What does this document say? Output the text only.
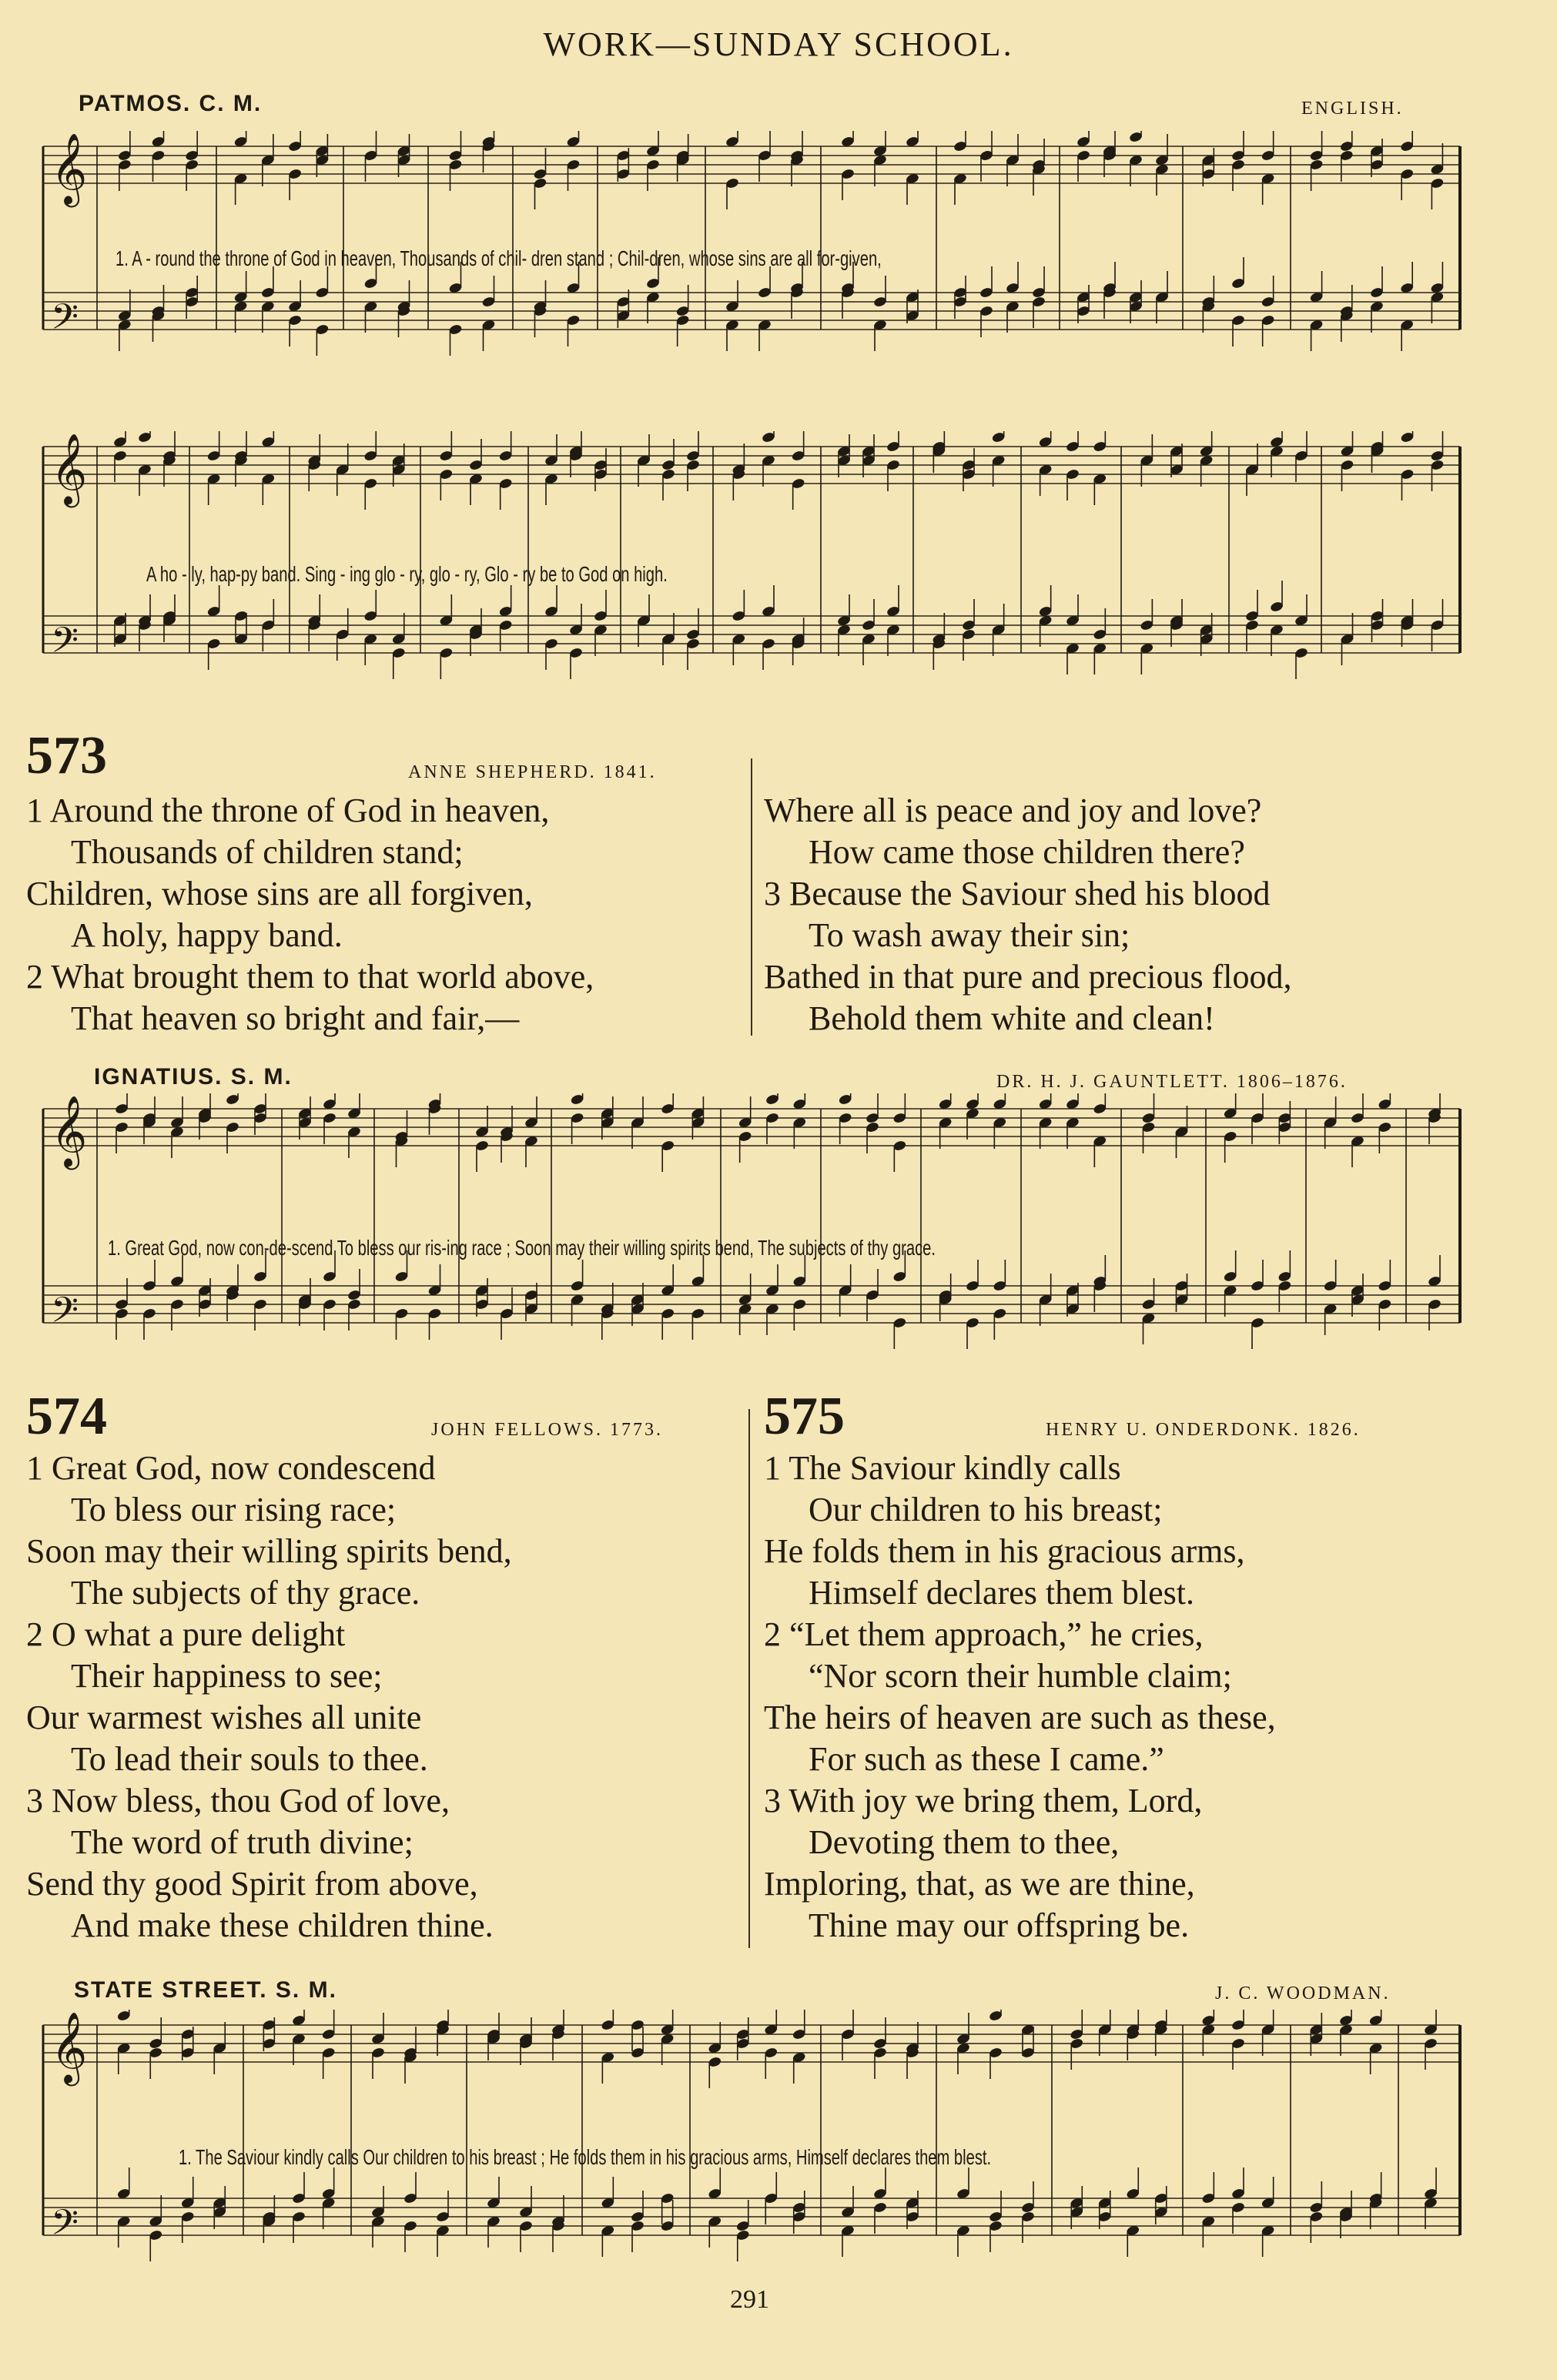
WORK—SUNDAY SCHOOL.
PATMOS. C. M.	ENGLISH.
𝄞
𝄢
1. A - round the throne of God in heaven, Thousands of chil- dren stand ; Chil-dren, whose sins are all for-given,
𝄞
𝄢
A ho - ly, hap-py band. Sing - ing glo - ry, glo - ry, Glo - ry be to God on high.
573	ANNE SHEPHERD. 1841.
1 Around the throne of God in heaven,
Thousands of children stand;
Children, whose sins are all forgiven,
A holy, happy band.
2 What brought them to that world above,
That heaven so bright and fair,—
Where all is peace and joy and love?
How came those children there?
3 Because the Saviour shed his blood
To wash away their sin;
Bathed in that pure and precious flood,
Behold them white and clean!
IGNATIUS. S. M.	DR. H. J. GAUNTLETT. 1806–1876.
𝄞
𝄢
1. Great God, now con-de-scend To bless our ris-ing race ; Soon may their willing spirits bend, The subjects of thy grace.
574	JOHN FELLOWS. 1773.
1 Great God, now condescend
To bless our rising race;
Soon may their willing spirits bend,
The subjects of thy grace.
2 O what a pure delight
Their happiness to see;
Our warmest wishes all unite
To lead their souls to thee.
3 Now bless, thou God of love,
The word of truth divine;
Send thy good Spirit from above,
And make these children thine.
575	HENRY U. ONDERDONK. 1826.
1 The Saviour kindly calls
Our children to his breast;
He folds them in his gracious arms,
Himself declares them blest.
2 “Let them approach,” he cries,
“Nor scorn their humble claim;
The heirs of heaven are such as these,
For such as these I came.”
3 With joy we bring them, Lord,
Devoting them to thee,
Imploring, that, as we are thine,
Thine may our offspring be.
STATE STREET. S. M.	J. C. WOODMAN.
𝄞
𝄢
1. The Saviour kindly calls Our children to his breast ; He folds them in his gracious arms, Himself declares them blest.
291
